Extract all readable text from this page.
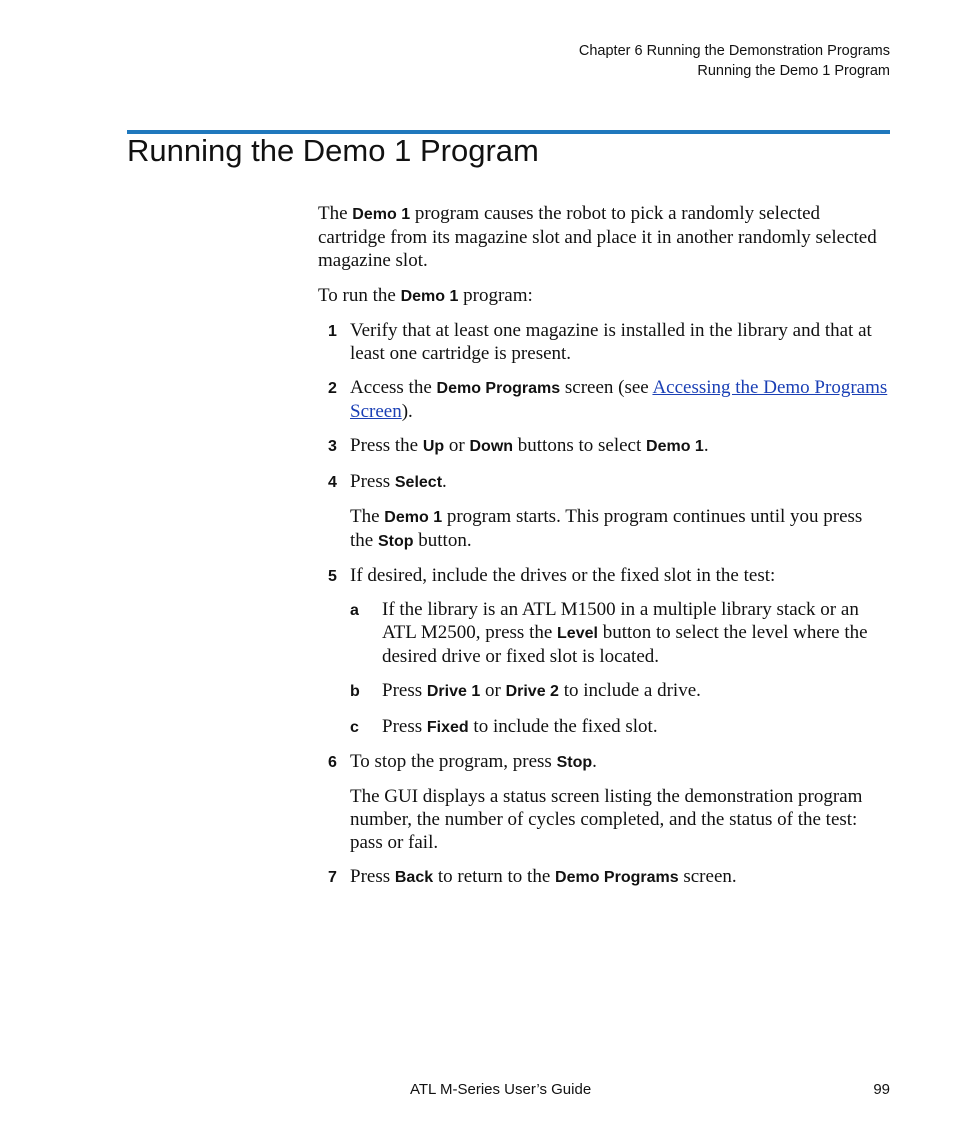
Chapter 6 Running the Demonstration Programs
Running the Demo 1 Program
Running the Demo 1 Program

The Demo 1 program causes the robot to pick a randomly selected cartridge from its magazine slot and place it in another randomly selected magazine slot.

To run the Demo 1 program:

1 Verify that at least one magazine is installed in the library and that at least one cartridge is present.
2 Access the Demo Programs screen (see Accessing the Demo Programs Screen).
3 Press the Up or Down buttons to select Demo 1.
4 Press Select.

The Demo 1 program starts. This program continues until you press the Stop button.

5 If desired, include the drives or the fixed slot in the test:
a If the library is an ATL M1500 in a multiple library stack or an ATL M2500, press the Level button to select the level where the desired drive or fixed slot is located.
b Press Drive 1 or Drive 2 to include a drive.
c Press Fixed to include the fixed slot.
6 To stop the program, press Stop.

The GUI displays a status screen listing the demonstration program number, the number of cycles completed, and the status of the test: pass or fail.

7 Press Back to return to the Demo Programs screen.
ATL M-Series User’s Guide	99
